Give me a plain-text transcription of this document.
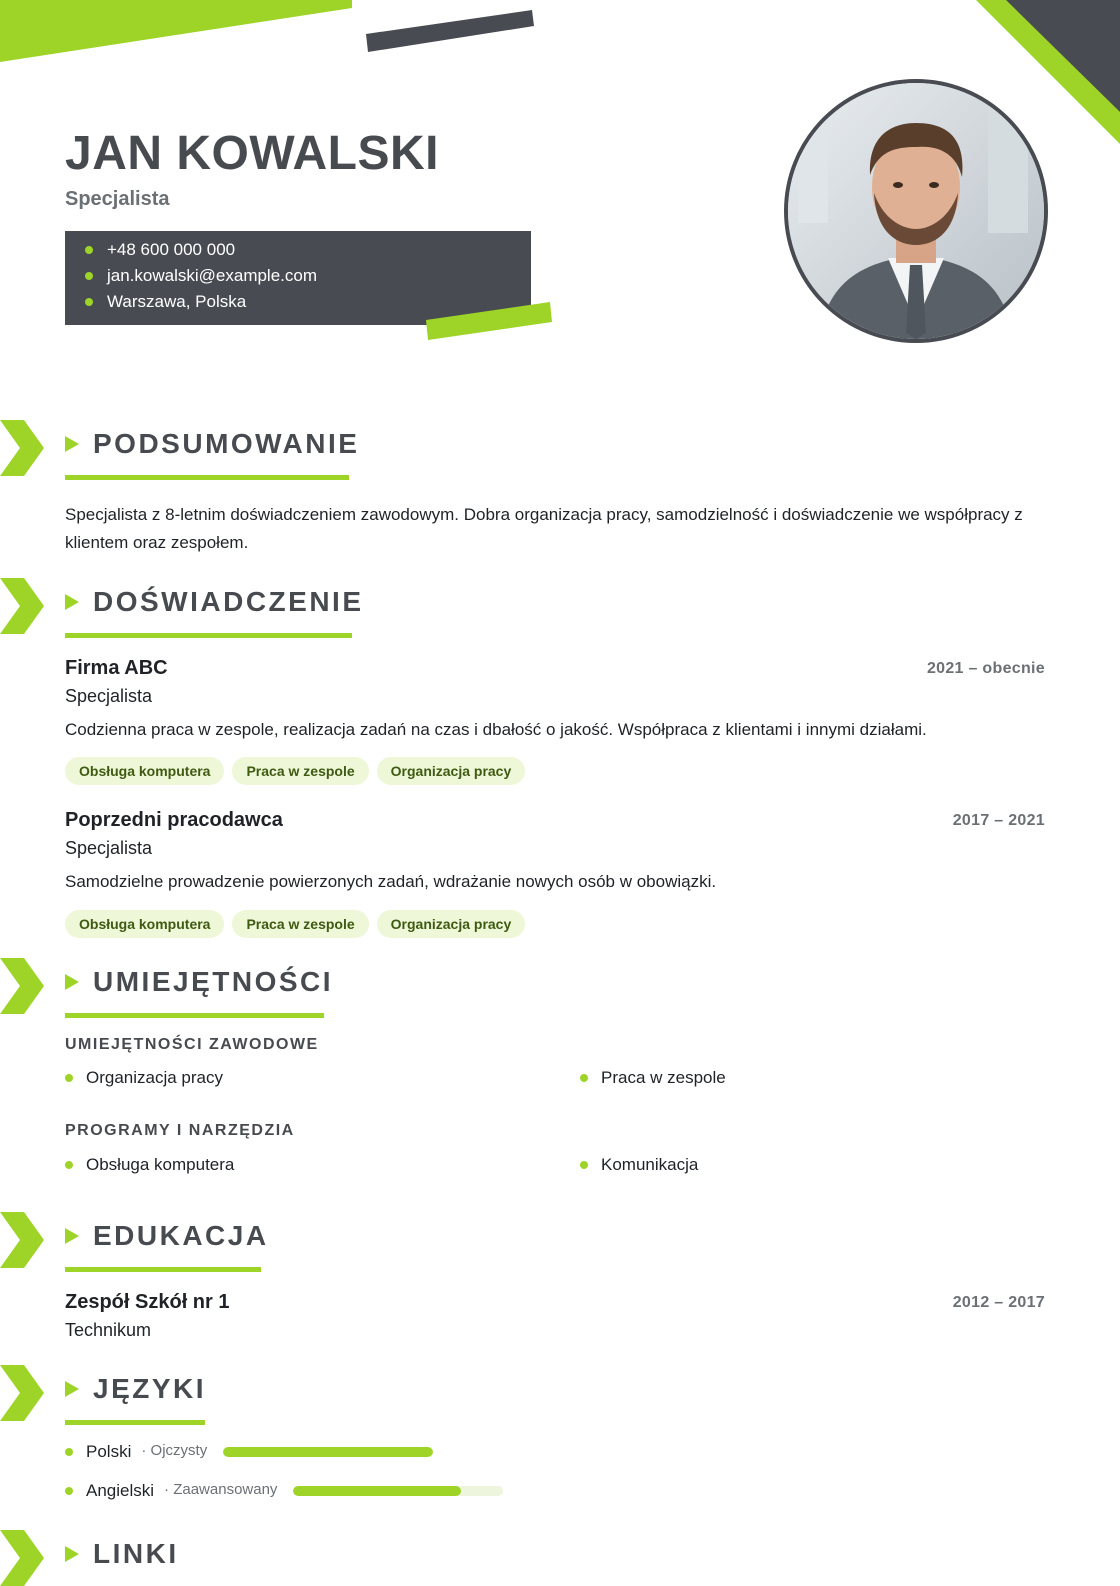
JAN KOWALSKI
Specjalista
+48 600 000 000
jan.kowalski@example.com
Warszawa, Polska
PODSUMOWANIE
Specjalista z 8-letnim doświadczeniem zawodowym. Dobra organizacja pracy, samodzielność i doświadczenie we współpracy z klientem oraz zespołem.
DOŚWIADCZENIE
Firma ABC	2021 – obecnie
Specjalista
Codzienna praca w zespole, realizacja zadań na czas i dbałość o jakość. Współpraca z klientami i innymi działami.
Obsługa komputera	Praca w zespole	Organizacja pracy
Poprzedni pracodawca	2017 – 2021
Specjalista
Samodzielne prowadzenie powierzonych zadań, wdrażanie nowych osób w obowiązki.
Obsługa komputera	Praca w zespole	Organizacja pracy
UMIEJĘTNOŚCI
UMIEJĘTNOŚCI ZAWODOWE
Organizacja pracy	Praca w zespole
PROGRAMY I NARZĘDZIA
Obsługa komputera	Komunikacja
EDUKACJA
Zespół Szkół nr 1	2012 – 2017
Technikum
JĘZYKI
Polski · Ojczysty
Angielski · Zaawansowany
LINKI
